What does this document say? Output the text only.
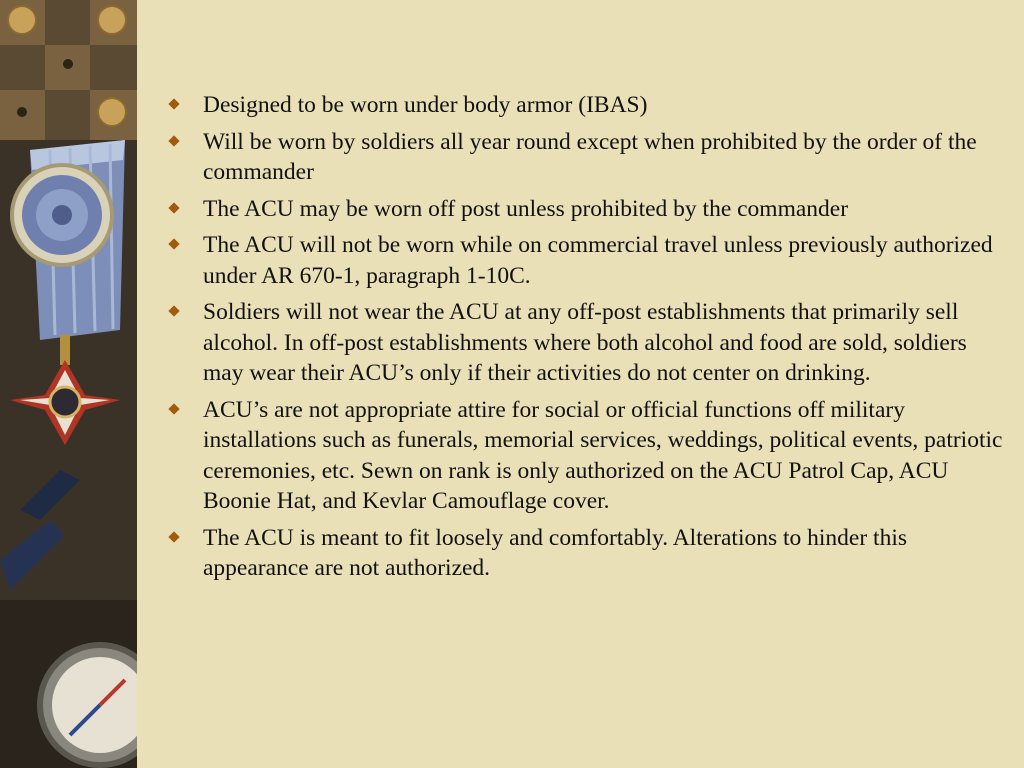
Designed to be worn under body armor (IBAS)
Will be worn by soldiers all year round except when prohibited by the order of the commander
The ACU may be worn off post unless prohibited by the commander
The ACU will not be worn while on commercial travel unless previously authorized under AR 670-1, paragraph 1-10C.
Soldiers will not wear the ACU at any off-post establishments that primarily sell alcohol. In off-post establishments where both alcohol and food are sold, soldiers may wear their ACU’s only if their activities do not center on drinking.
ACU’s are not appropriate attire for social or official functions off military installations such as funerals, memorial services, weddings, political events, patriotic ceremonies, etc. Sewn on rank is only authorized on the ACU Patrol Cap, ACU Boonie Hat, and Kevlar Camouflage cover.
The ACU is meant to fit loosely and comfortably. Alterations to hinder this appearance are not authorized.
